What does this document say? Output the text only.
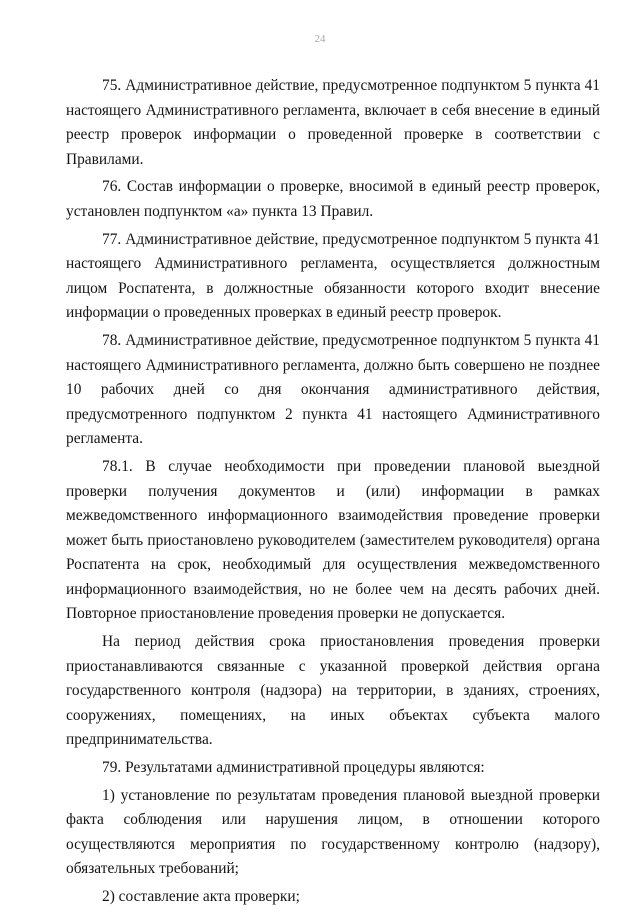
24

75. Административное действие, предусмотренное подпунктом 5 пункта 41 настоящего Административного регламента, включает в себя внесение в единый реестр проверок информации о проведенной проверке в соответствии с Правилами.

76. Состав информации о проверке, вносимой в единый реестр проверок, установлен подпунктом «а» пункта 13 Правил.

77. Административное действие, предусмотренное подпунктом 5 пункта 41 настоящего Административного регламента, осуществляется должностным лицом Роспатента, в должностные обязанности которого входит внесение информации о проведенных проверках в единый реестр проверок.

78. Административное действие, предусмотренное подпунктом 5 пункта 41 настоящего Административного регламента, должно быть совершено не позднее 10 рабочих дней со дня окончания административного действия, предусмотренного подпунктом 2 пункта 41 настоящего Административного регламента.

78.1. В случае необходимости при проведении плановой выездной проверки получения документов и (или) информации в рамках межведомственного информационного взаимодействия проведение проверки может быть приостановлено руководителем (заместителем руководителя) органа Роспатента на срок, необходимый для осуществления межведомственного информационного взаимодействия, но не более чем на десять рабочих дней. Повторное приостановление проведения проверки не допускается.

На период действия срока приостановления проведения проверки приостанавливаются связанные с указанной проверкой действия органа государственного контроля (надзора) на территории, в зданиях, строениях, сооружениях, помещениях, на иных объектах субъекта малого предпринимательства.

79. Результатами административной процедуры являются:

1) установление по результатам проведения плановой выездной проверки факта соблюдения или нарушения лицом, в отношении которого осуществляются мероприятия по государственному контролю (надзору), обязательных требований;

2) составление акта проверки;
